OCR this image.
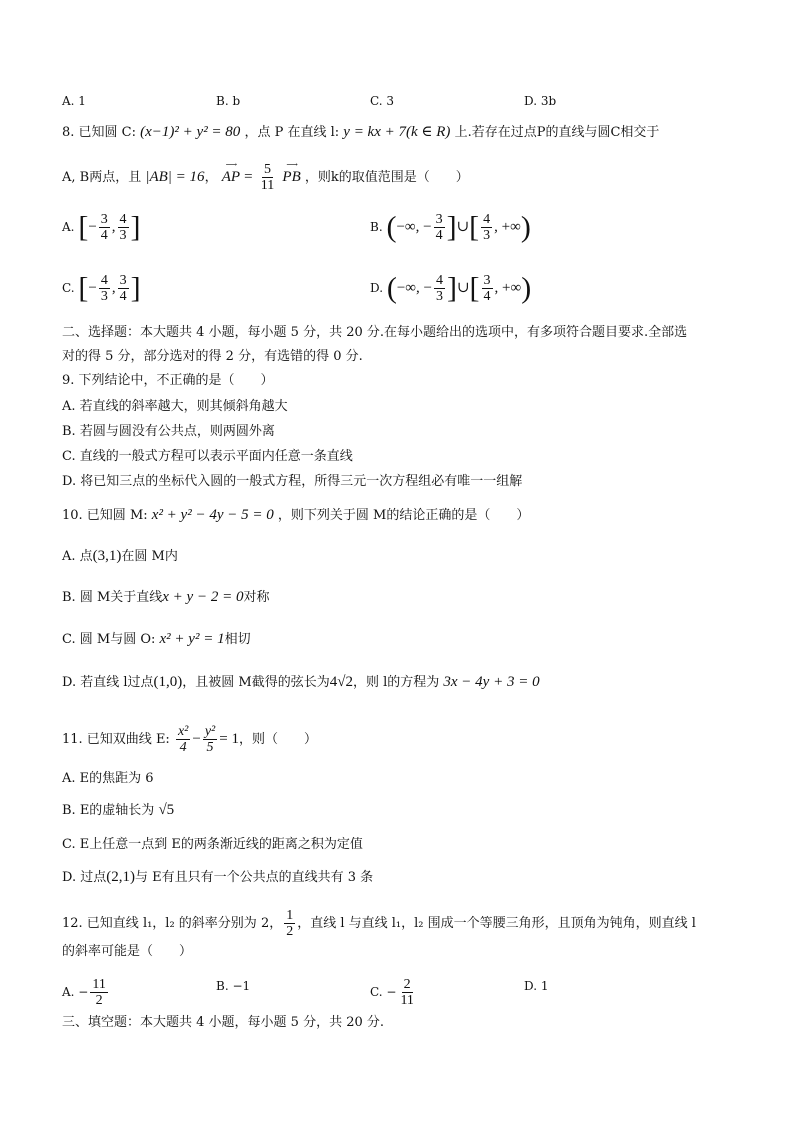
A. 1	B. b	C. 3	D. 3b
8. 已知圆 C: (x−1)² + y² = 80 ，点 P 在直线 l: y = kx + 7(k ∈ R) 上.若存在过点P的直线与圆C相交于
A, B两点，且 |AB| = 16，
⟶
AP = $\frac{5}{11}$
	⟶
PB ，则k的取值范围是（　　）
A. [− $\frac{3}{4}$ , $\frac{4}{3}$ ]	B. (−∞, − $\frac{3}{4}$ ]∪[ $\frac{4}{3}$ , +∞)
C. [− $\frac{4}{3}$ , $\frac{3}{4}$ ]	D. (−∞, − $\frac{4}{3}$ ]∪[ $\frac{3}{4}$ , +∞)
二、选择题：本大题共 4 小题，每小题 5 分，共 20 分.在每小题给出的选项中，有多项符合题目要求.全部选
对的得 5 分，部分选对的得 2 分，有选错的得 0 分.
9. 下列结论中，不正确的是（　　）
A. 若直线的斜率越大，则其倾斜角越大
B. 若圆与圆没有公共点，则两圆外离
C. 直线的一般式方程可以表示平面内任意一条直线
D. 将已知三点的坐标代入圆的一般式方程，所得三元一次方程组必有唯一一组解
10. 已知圆 M: x² + y² − 4y − 5 = 0 ，则下列关于圆 M的结论正确的是（　　）
A. 点(3,1)在圆 M内
B. 圆 M关于直线x + y − 2 = 0对称
C. 圆 M与圆 O: x² + y² = 1相切
D. 若直线 l过点(1,0)，且被圆 M截得的弦长为4√2，则 l的方程为 3x − 4y + 3 = 0
11. 已知双曲线 E: $\frac{\text{x²}}{4} - \frac{\text{y²}}{5} = 1$，则（　　）
A. E的焦距为 6
B. E的虚轴长为 √5
C. E上任意一点到 E的两条渐近线的距离之积为定值
D. 过点(2,1)与 E有且只有一个公共点的直线共有 3 条
12. 已知直线 l₁，l₂ 的斜率分别为 2， $\frac{1}{2}$ ，直线 l 与直线 l₁，l₂ 围成一个等腰三角形，且顶角为钝角，则直线 l
的斜率可能是（　　）
A. − $\frac{11}{2}$	B. −1	C. − $\frac{2}{11}$	D. 1
三、填空题：本大题共 4 小题，每小题 5 分，共 20 分.
